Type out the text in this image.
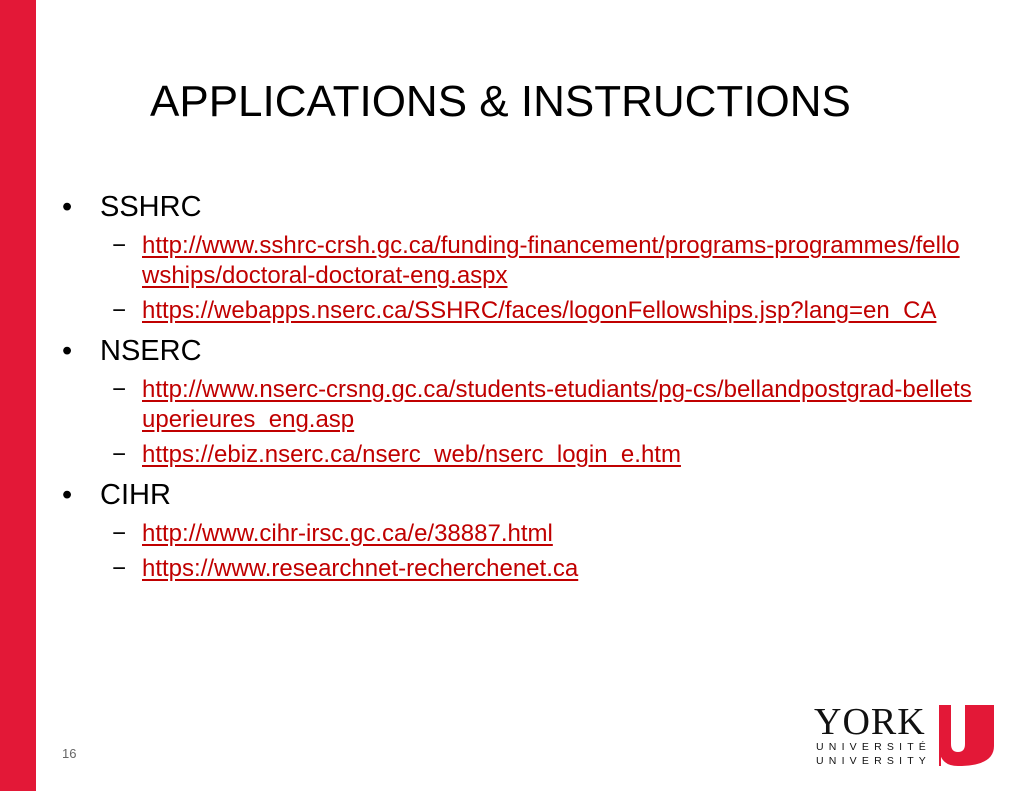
APPLICATIONS & INSTRUCTIONS
• SSHRC
− http://www.sshrc-crsh.gc.ca/funding-financement/programs-programmes/fellowships/doctoral-doctorat-eng.aspx
− https://webapps.nserc.ca/SSHRC/faces/logonFellowships.jsp?lang=en_CA
• NSERC
− http://www.nserc-crsng.gc.ca/students-etudiants/pg-cs/bellandpostgrad-belletsuperieures_eng.asp
− https://ebiz.nserc.ca/nserc_web/nserc_login_e.htm
• CIHR
− http://www.cihr-irsc.gc.ca/e/38887.html
− https://www.researchnet-recherchenet.ca
16
YORK
UNIVERSITÉ
UNIVERSITY
